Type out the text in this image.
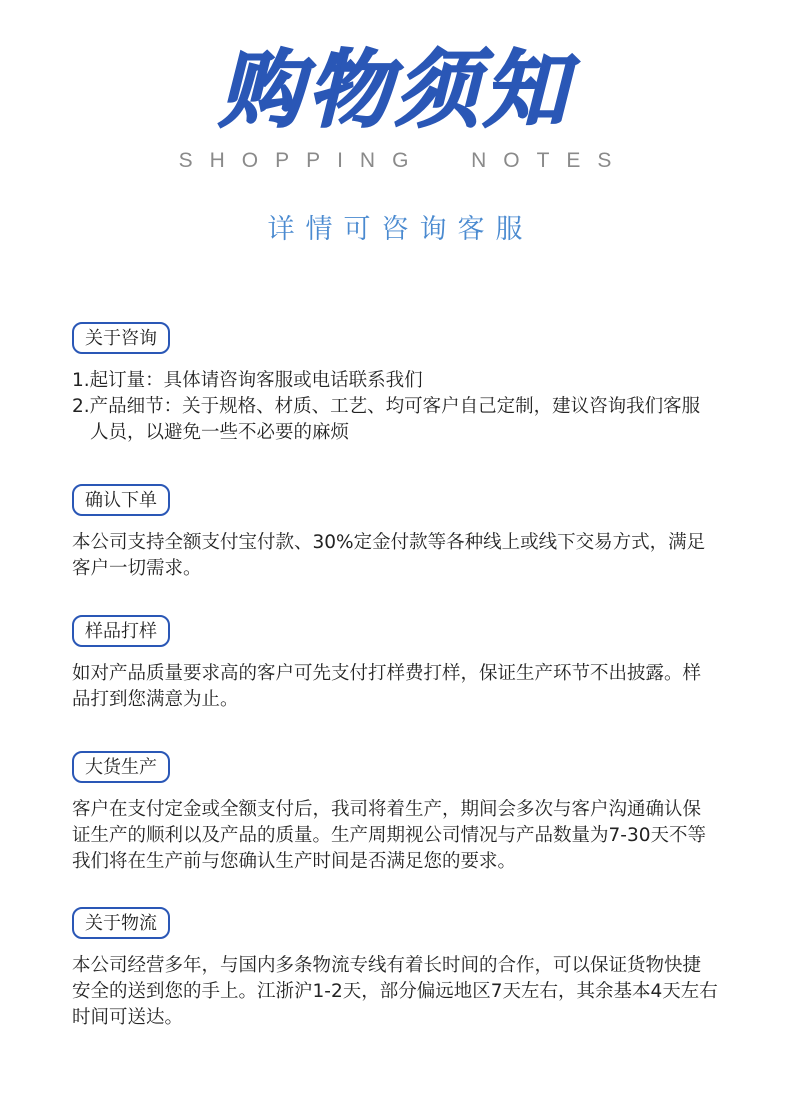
购物须知
SHOPPING  NOTES
详情可咨询客服
关于咨询
1.起订量：具体请咨询客服或电话联系我们
2.产品细节：关于规格、材质、工艺、均可客户自己定制，建议咨询我们客服
人员，以避免一些不必要的麻烦
确认下单
本公司支持全额支付宝付款、30%定金付款等各种线上或线下交易方式，满足
客户一切需求。
样品打样
如对产品质量要求高的客户可先支付打样费打样，保证生产环节不出披露。样
品打到您满意为止。
大货生产
客户在支付定金或全额支付后，我司将着生产，期间会多次与客户沟通确认保
证生产的顺利以及产品的质量。生产周期视公司情况与产品数量为7-30天不等
我们将在生产前与您确认生产时间是否满足您的要求。
关于物流
本公司经营多年，与国内多条物流专线有着长时间的合作，可以保证货物快捷
安全的送到您的手上。江浙沪1-2天，部分偏远地区7天左右，其余基本4天左右
时间可送达。
